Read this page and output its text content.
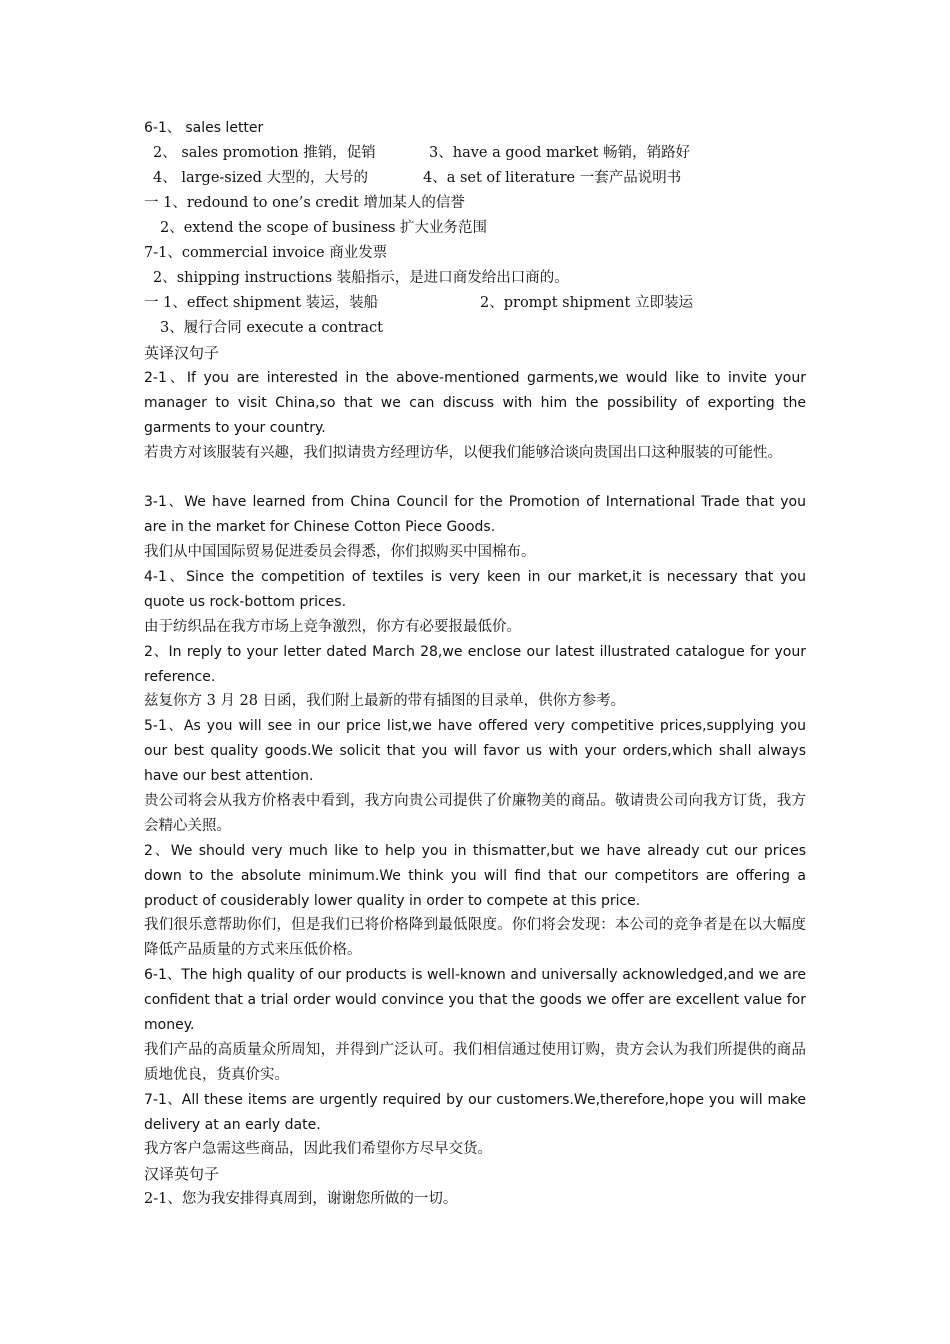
6-1、 sales letter
2、 sales promotion 推销，促销	3、have a good market 畅销，销路好
4、 large-sized 大型的，大号的	4、a set of literature 一套产品说明书
一 1、redound to one’s credit 增加某人的信誉
2、extend the scope of business 扩大业务范围
7-1、commercial invoice 商业发票
2、shipping instructions 装船指示，是进口商发给出口商的。
一 1、effect shipment 装运，装船	2、prompt shipment 立即装运
3、履行合同 execute a contract
英译汉句子
2-1、If you are interested in the above-mentioned garments,we would like to invite your manager to visit China,so that we can discuss with him the possibility of exporting the garments to your country.
若贵方对该服装有兴趣，我们拟请贵方经理访华，以便我们能够洽谈向贵国出口这种服装的可能性。
3-1、We have learned from China Council for the Promotion of International Trade that you are in the market for Chinese Cotton Piece Goods.
我们从中国国际贸易促进委员会得悉，你们拟购买中国棉布。
4-1、Since the competition of textiles is very keen in our market,it is necessary that you quote us rock-bottom prices.
由于纺织品在我方市场上竞争激烈，你方有必要报最低价。
2、In reply to your letter dated March 28,we enclose our latest illustrated catalogue for your reference.
兹复你方 3 月 28 日函，我们附上最新的带有插图的目录单，供你方参考。
5-1、As you will see in our price list,we have offered very competitive prices,supplying you our best quality goods.We solicit that you will favor us with your orders,which shall always have our best attention.
贵公司将会从我方价格表中看到，我方向贵公司提供了价廉物美的商品。敬请贵公司向我方订货，我方会精心关照。
2、We should very much like to help you in thismatter,but we have already cut our prices down to the absolute minimum.We think you will find that our competitors are offering a product of cousiderably lower quality in order to compete at this price.
我们很乐意帮助你们，但是我们已将价格降到最低限度。你们将会发现：本公司的竞争者是在以大幅度降低产品质量的方式来压低价格。
6-1、The high quality of our products is well-known and universally acknowledged,and we are confident that a trial order would convince you that the goods we offer are excellent value for money.
我们产品的高质量众所周知，并得到广泛认可。我们相信通过使用订购，贵方会认为我们所提供的商品质地优良，货真价实。
7-1、All these items are urgently required by our customers.We,therefore,hope you will make delivery at an early date.
我方客户急需这些商品，因此我们希望你方尽早交货。
汉译英句子
2-1、您为我安排得真周到，谢谢您所做的一切。
